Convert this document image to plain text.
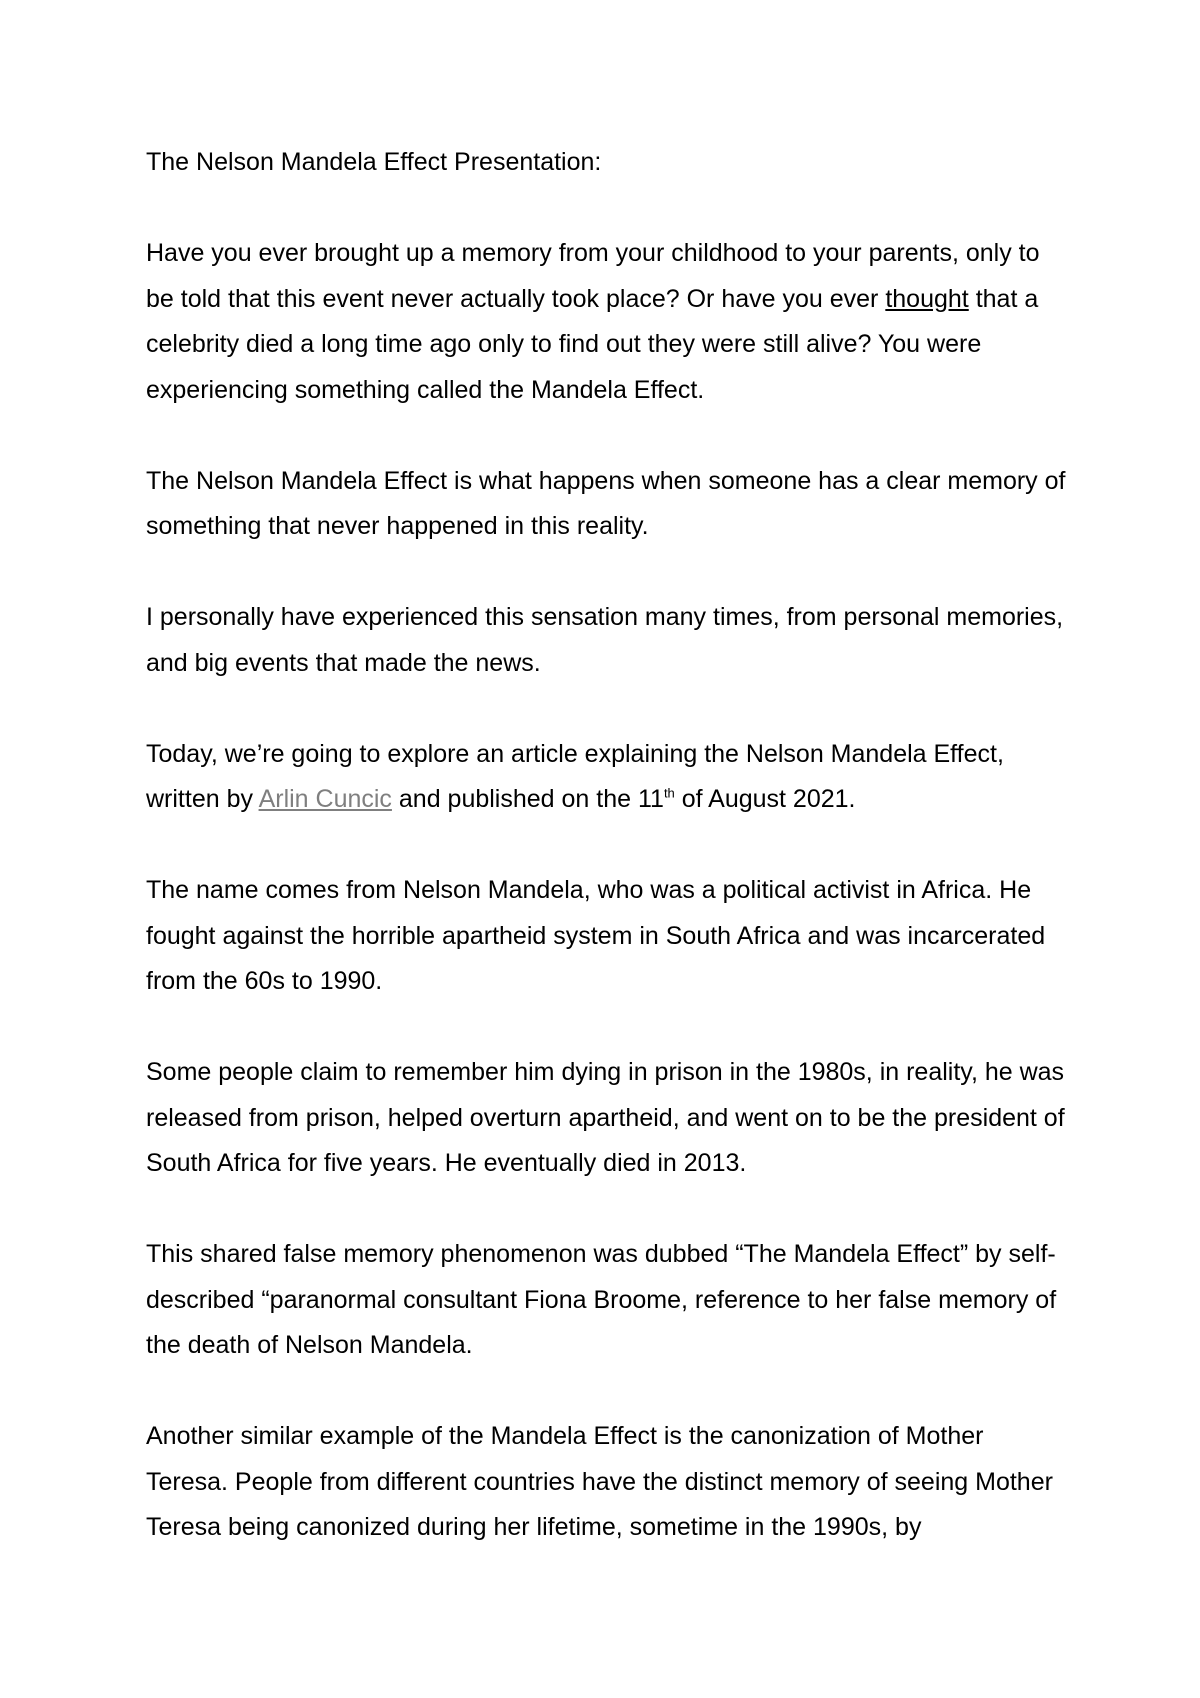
The Nelson Mandela Effect Presentation:

Have you ever brought up a memory from your childhood to your parents, only to be told that this event never actually took place? Or have you ever thought that a celebrity died a long time ago only to find out they were still alive? You were experiencing something called the Mandela Effect.

The Nelson Mandela Effect is what happens when someone has a clear memory of something that never happened in this reality.

I personally have experienced this sensation many times, from personal memories, and big events that made the news.

Today, we’re going to explore an article explaining the Nelson Mandela Effect, written by Arlin Cuncic and published on the 11th of August 2021.

The name comes from Nelson Mandela, who was a political activist in Africa. He fought against the horrible apartheid system in South Africa and was incarcerated from the 60s to 1990.

Some people claim to remember him dying in prison in the 1980s, in reality, he was released from prison, helped overturn apartheid, and went on to be the president of South Africa for five years. He eventually died in 2013.

This shared false memory phenomenon was dubbed “The Mandela Effect” by self-described “paranormal consultant Fiona Broome, reference to her false memory of the death of Nelson Mandela.

Another similar example of the Mandela Effect is the canonization of Mother Teresa. People from different countries have the distinct memory of seeing Mother Teresa being canonized during her lifetime, sometime in the 1990s, by
